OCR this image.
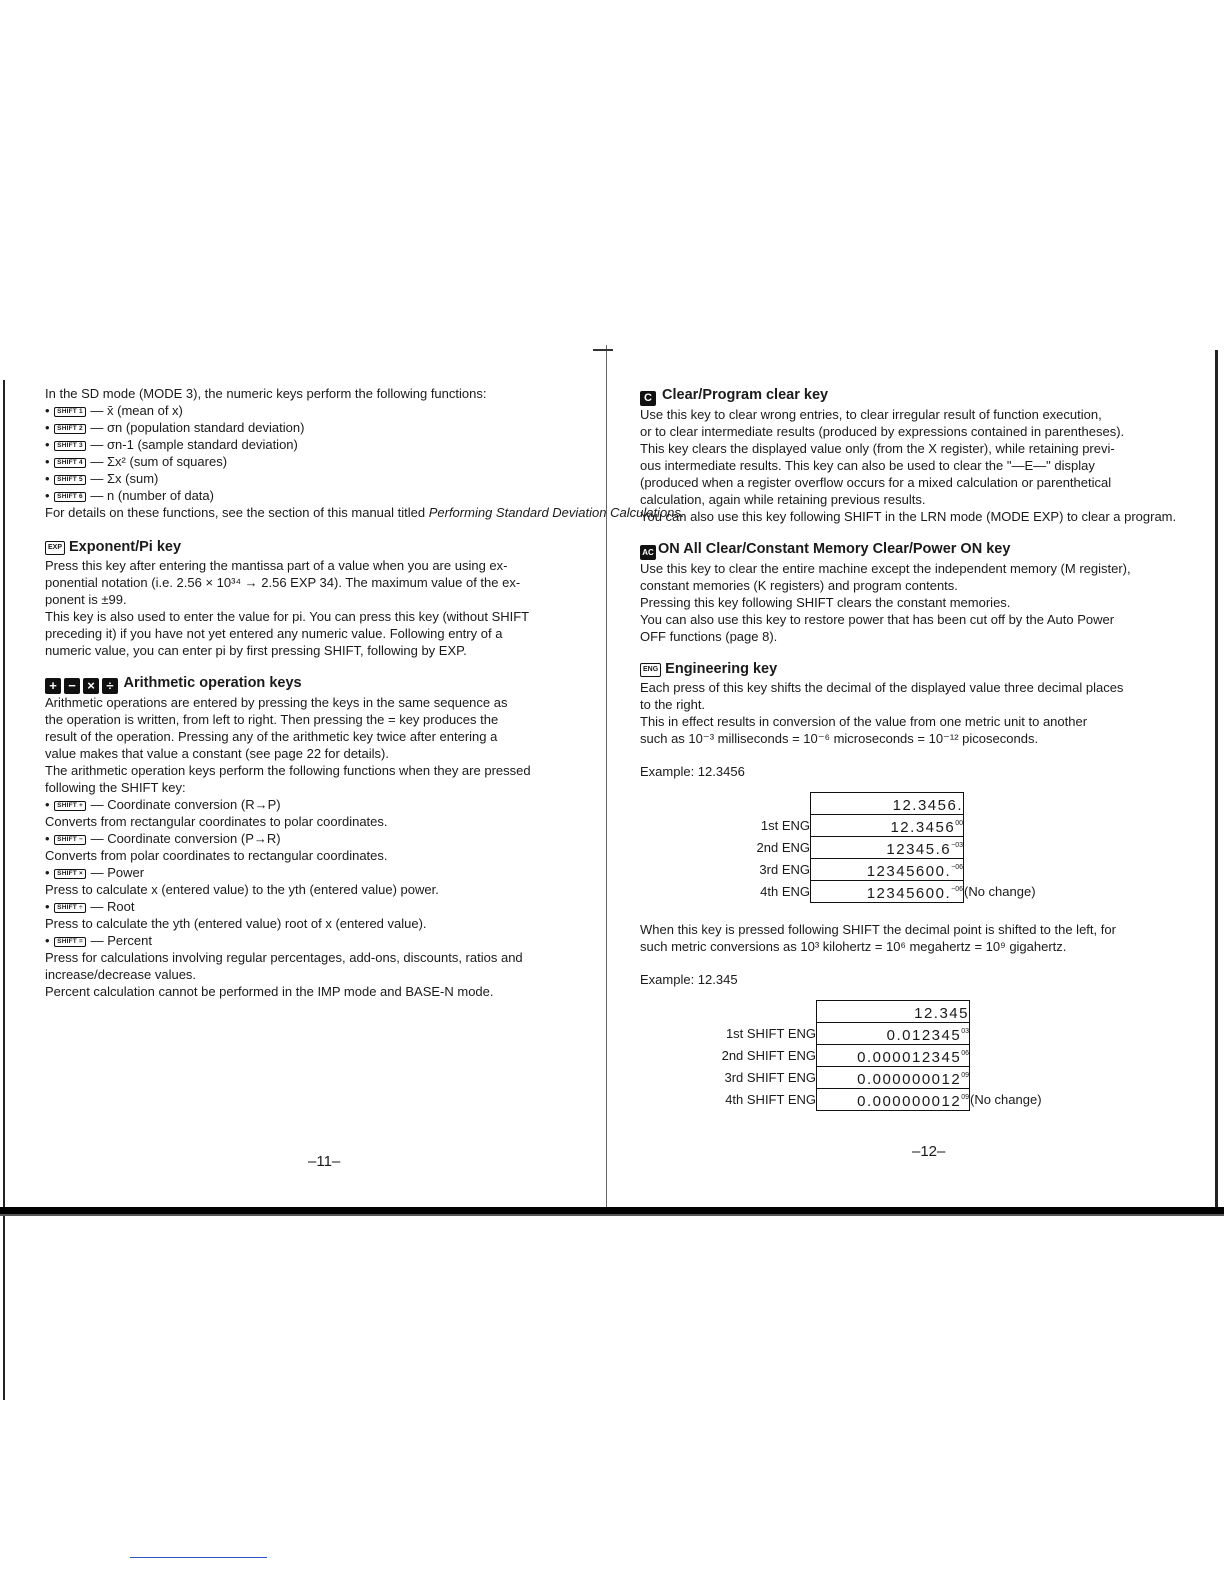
In the SD mode (MODE 3), the numeric keys perform the following functions:
• SHIFT 1 — x̄ (mean of x)
• SHIFT 2 — σn (population standard deviation)
• SHIFT 3 — σn-1 (sample standard deviation)
• SHIFT 4 — Σx² (sum of squares)
• SHIFT 5 — Σx (sum)
• SHIFT 6 — n (number of data)
For details on these functions, see the section of this manual titled Performing Standard Deviation Calculations.
EXP Exponent/Pi key
Press this key after entering the mantissa part of a value when you are using ex-
ponential notation (i.e. 2.56 × 10³⁴ → 2.56 EXP 34). The maximum value of the ex-
ponent is ±99.
This key is also used to enter the value for pi. You can press this key (without SHIFT
preceding it) if you have not yet entered any numeric value. Following entry of a
numeric value, you can enter pi by first pressing SHIFT, following by EXP.
+ − × ÷ Arithmetic operation keys
Arithmetic operations are entered by pressing the keys in the same sequence as
the operation is written, from left to right. Then pressing the = key produces the
result of the operation. Pressing any of the arithmetic key twice after entering a
value makes that value a constant (see page 22 for details).
The arithmetic operation keys perform the following functions when they are pressed
following the SHIFT key:
• SHIFT + — Coordinate conversion (R→P)
Converts from rectangular coordinates to polar coordinates.
• SHIFT − — Coordinate conversion (P→R)
Converts from polar coordinates to rectangular coordinates.
• SHIFT × — Power
Press to calculate x (entered value) to the yth (entered value) power.
• SHIFT ÷ — Root
Press to calculate the yth (entered value) root of x (entered value).
• SHIFT = — Percent
Press for calculations involving regular percentages, add-ons, discounts, ratios and increase/decrease values.
Percent calculation cannot be performed in the IMP mode and BASE-N mode.
–11–
C Clear/Program clear key
Use this key to clear wrong entries, to clear irregular result of function execution,
or to clear intermediate results (produced by expressions contained in parentheses).
This key clears the displayed value only (from the X register), while retaining previ-
ous intermediate results. This key can also be used to clear the "—E—" display
(produced when a register overflow occurs for a mixed calculation or parenthetical
calculation, again while retaining previous results.
You can also use this key following SHIFT in the LRN mode (MODE EXP) to clear a program.
AC ON All Clear/Constant Memory Clear/Power ON key
Use this key to clear the entire machine except the independent memory (M register),
constant memories (K registers) and program contents.
Pressing this key following SHIFT clears the constant memories.
You can also use this key to restore power that has been cut off by the Auto Power
OFF functions (page 8).
ENG Engineering key
Each press of this key shifts the decimal of the displayed value three decimal places
to the right.
This in effect results in conversion of the value from one metric unit to another
such as 10⁻³ milliseconds = 10⁻⁶ microseconds = 10⁻¹² picoseconds.
Example: 12.3456
	12.3456.	
1st ENG	12.3456$^{00}$	
2nd ENG	$12345.6^{-03}$	
3rd ENG	12345600.$^{-06}$	
4th ENG	12345600.$^{-06}$	(No change)
When this key is pressed following SHIFT the decimal point is shifted to the left, for
such metric conversions as 10³ kilohertz = 10⁶ megahertz = 10⁹ gigahertz.
Example: 12.345
	12.345	
1st SHIFT ENG	0.012345$^{03}$	
2nd SHIFT ENG	0.000012345$^{06}$	
3rd SHIFT ENG	0.000000012$^{09}$	
4th SHIFT ENG	0.000000012$^{09}$	(No change)
–12–
